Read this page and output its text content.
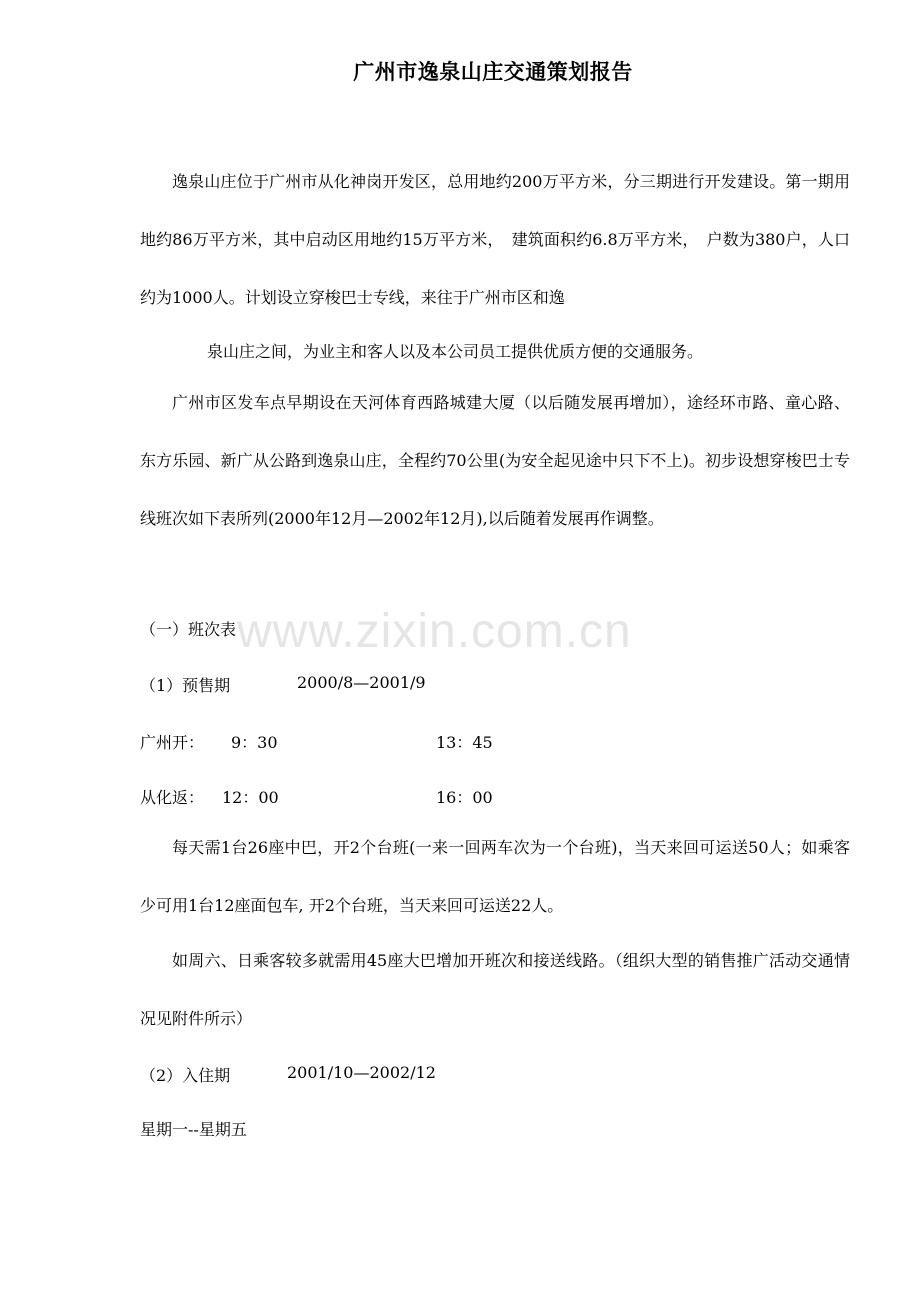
广州市逸泉山庄交通策划报告
逸泉山庄位于广州市从化神岗开发区，总用地约200万平方米，分三期进行开发建设。第一期用地约86万平方米，其中启动区用地约15万平方米，　建筑面积约6.8万平方米，　户数为380户，人口约为1000人。计划设立穿梭巴士专线，来往于广州市区和逸
泉山庄之间，为业主和客人以及本公司员工提供优质方便的交通服务。
广州市区发车点早期设在天河体育西路城建大厦（以后随发展再增加），途经环市路、童心路、东方乐园、新广从公路到逸泉山庄，全程约70公里(为安全起见途中只下不上)。初步设想穿梭巴士专线班次如下表所列(2000年12月—2002年12月),以后随着发展再作调整。
（一）班次表
（1）预售期	2000/8—2001/9
广州开： 9：30	13：45
从化返： 12：00	16：00
每天需1台26座中巴，开2个台班(一来一回两车次为一个台班)，当天来回可运送50人；如乘客少可用1台12座面包车, 开2个台班，当天来回可运送22人。
如周六、日乘客较多就需用45座大巴增加开班次和接送线路。（组织大型的销售推广活动交通情况见附件所示）
（2）入住期	2001/10—2002/12
星期一--星期五
www.zixin.com.cn
